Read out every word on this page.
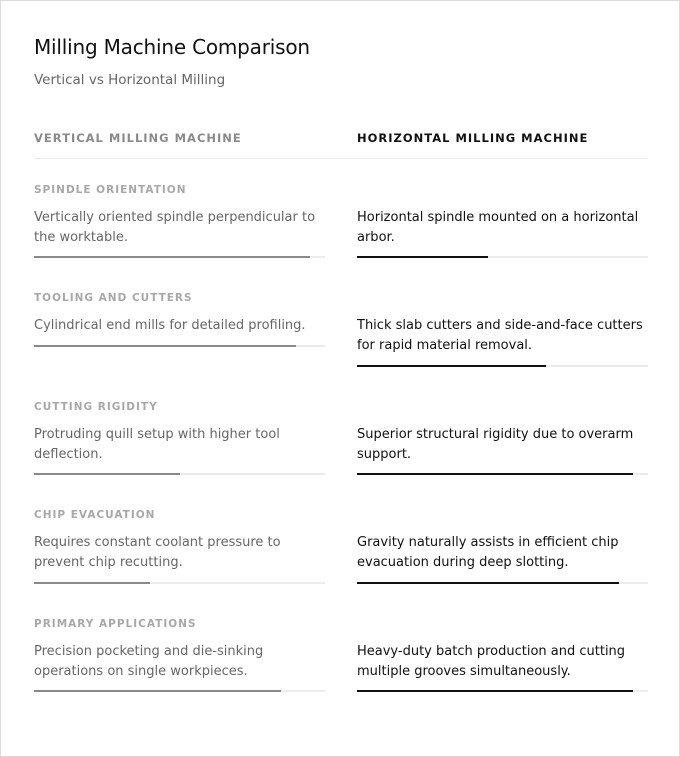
Milling Machine Comparison
Vertical vs Horizontal Milling
VERTICAL MILLING MACHINE	HORIZONTAL MILLING MACHINE
SPINDLE ORIENTATION
Vertically oriented spindle perpendicular to the worktable.
Horizontal spindle mounted on a horizontal arbor.
TOOLING AND CUTTERS
Cylindrical end mills for detailed profiling.	Thick slab cutters and side-and-face cutters for rapid material removal.
CUTTING RIGIDITY
Protruding quill setup with higher tool deflection.
Superior structural rigidity due to overarm support.
CHIP EVACUATION
Requires constant coolant pressure to prevent chip recutting.
Gravity naturally assists in efficient chip evacuation during deep slotting.
PRIMARY APPLICATIONS
Precision pocketing and die-sinking operations on single workpieces.
Heavy-duty batch production and cutting multiple grooves simultaneously.
